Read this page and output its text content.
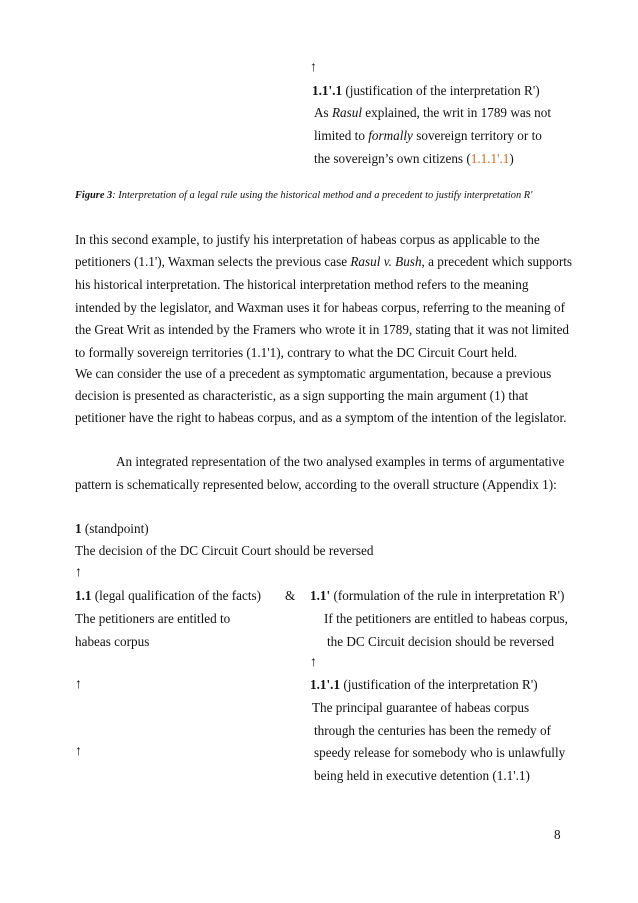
↑
1.1'.1 (justification of the interpretation R')
As Rasul explained, the writ in 1789 was not
limited to formally sovereign territory or to
the sovereign’s own citizens (1.1.1'.1)
Figure 3: Interpretation of a legal rule using the historical method and a precedent to justify interpretation R'
In this second example, to justify his interpretation of habeas corpus as applicable to the
petitioners (1.1'), Waxman selects the previous case Rasul v. Bush, a precedent which supports
his historical interpretation. The historical interpretation method refers to the meaning
intended by the legislator, and Waxman uses it for habeas corpus, referring to the meaning of
the Great Writ as intended by the Framers who wrote it in 1789, stating that it was not limited
to formally sovereign territories (1.1'1), contrary to what the DC Circuit Court held.
We can consider the use of a precedent as symptomatic argumentation, because a previous
decision is presented as characteristic, as a sign supporting the main argument (1) that
petitioner have the right to habeas corpus, and as a symptom of the intention of the legislator.
An integrated representation of the two analysed examples in terms of argumentative
pattern is schematically represented below, according to the overall structure (Appendix 1):
1 (standpoint)
The decision of the DC Circuit Court should be reversed
↑
1.1 (legal qualification of the facts) & 1.1' (formulation of the rule in interpretation R')
The petitioners are entitled to	If the petitioners are entitled to habeas corpus,
habeas corpus	the DC Circuit decision should be reversed
↑
↑	1.1'.1 (justification of the interpretation R')
The principal guarantee of habeas corpus
through the centuries has been the remedy of
↑	speedy release for somebody who is unlawfully
being held in executive detention (1.1'.1)
8
